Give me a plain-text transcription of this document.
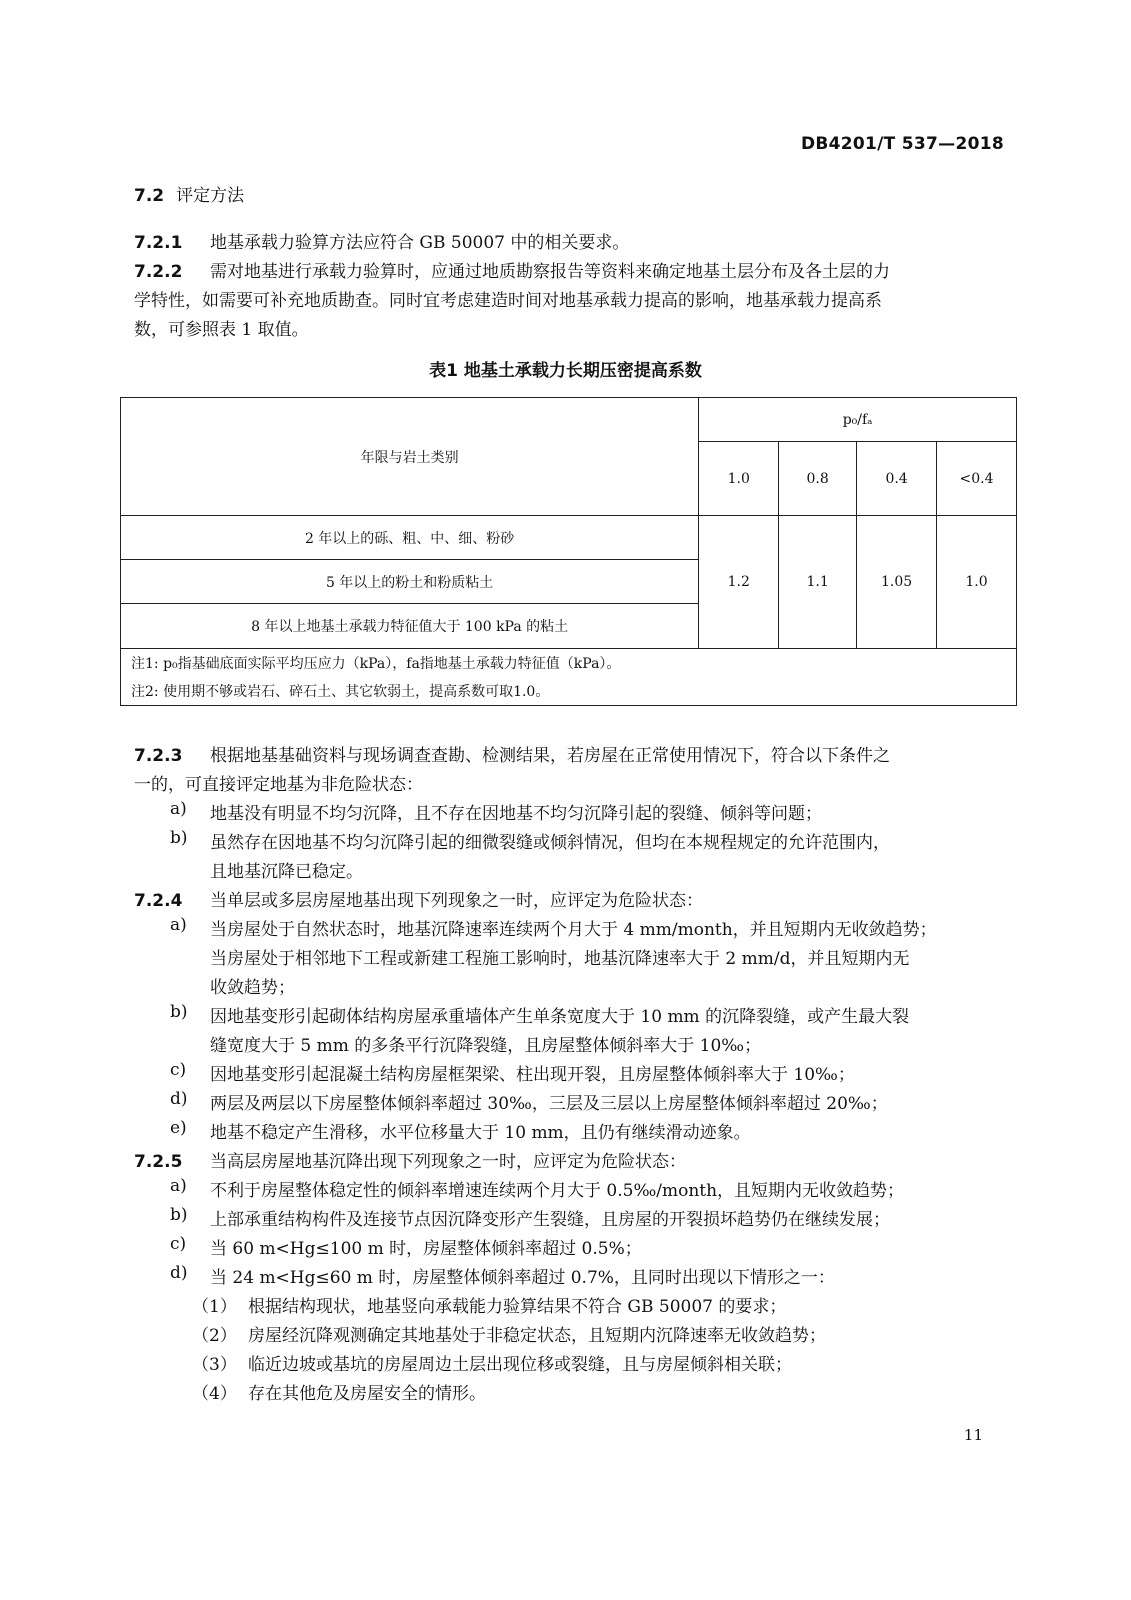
DB4201/T 537—2018
7.2 评定方法
7.2.1 地基承载力验算方法应符合 GB 50007 中的相关要求。
7.2.2 需对地基进行承载力验算时，应通过地质勘察报告等资料来确定地基土层分布及各土层的力
学特性，如需要可补充地质勘查。同时宜考虑建造时间对地基承载力提高的影响，地基承载力提高系
数，可参照表 1 取值。
表1 地基土承载力长期压密提高系数
年限与岩土类别	p₀/fₐ			
	1.0	0.8	0.4	<0.4
2 年以上的砾、粗、中、细、粉砂	1.2	1.1	1.05	1.0
5 年以上的粉土和粉质粘土				
8 年以上地基土承载力特征值大于 100 kPa 的粘土				
注1: p₀指基础底面实际平均压应力（kPa），fa指地基土承载力特征值（kPa）。				
注2: 使用期不够或岩石、碎石土、其它软弱土，提高系数可取1.0。				
7.2.3 根据地基基础资料与现场调查查勘、检测结果，若房屋在正常使用情况下，符合以下条件之
一的，可直接评定地基为非危险状态：
a) 地基没有明显不均匀沉降，且不存在因地基不均匀沉降引起的裂缝、倾斜等问题；
b) 虽然存在因地基不均匀沉降引起的细微裂缝或倾斜情况，但均在本规程规定的允许范围内，
且地基沉降已稳定。
7.2.4 当单层或多层房屋地基出现下列现象之一时，应评定为危险状态：
a) 当房屋处于自然状态时，地基沉降速率连续两个月大于 4 mm/month，并且短期内无收敛趋势；
当房屋处于相邻地下工程或新建工程施工影响时，地基沉降速率大于 2 mm/d，并且短期内无
收敛趋势；
b) 因地基变形引起砌体结构房屋承重墙体产生单条宽度大于 10 mm 的沉降裂缝，或产生最大裂
缝宽度大于 5 mm 的多条平行沉降裂缝，且房屋整体倾斜率大于 10‰；
c) 因地基变形引起混凝土结构房屋框架梁、柱出现开裂，且房屋整体倾斜率大于 10‰；
d) 两层及两层以下房屋整体倾斜率超过 30‰，三层及三层以上房屋整体倾斜率超过 20‰；
e) 地基不稳定产生滑移，水平位移量大于 10 mm，且仍有继续滑动迹象。
7.2.5 当高层房屋地基沉降出现下列现象之一时，应评定为危险状态：
a) 不利于房屋整体稳定性的倾斜率增速连续两个月大于 0.5‰/month，且短期内无收敛趋势；
b) 上部承重结构构件及连接节点因沉降变形产生裂缝，且房屋的开裂损坏趋势仍在继续发展；
c) 当 60 m<Hg≤100 m 时，房屋整体倾斜率超过 0.5%；
d) 当 24 m<Hg≤60 m 时，房屋整体倾斜率超过 0.7%，且同时出现以下情形之一：
（1） 根据结构现状，地基竖向承载能力验算结果不符合 GB 50007 的要求；
（2） 房屋经沉降观测确定其地基处于非稳定状态，且短期内沉降速率无收敛趋势；
（3） 临近边坡或基坑的房屋周边土层出现位移或裂缝，且与房屋倾斜相关联；
（4） 存在其他危及房屋安全的情形。
11
